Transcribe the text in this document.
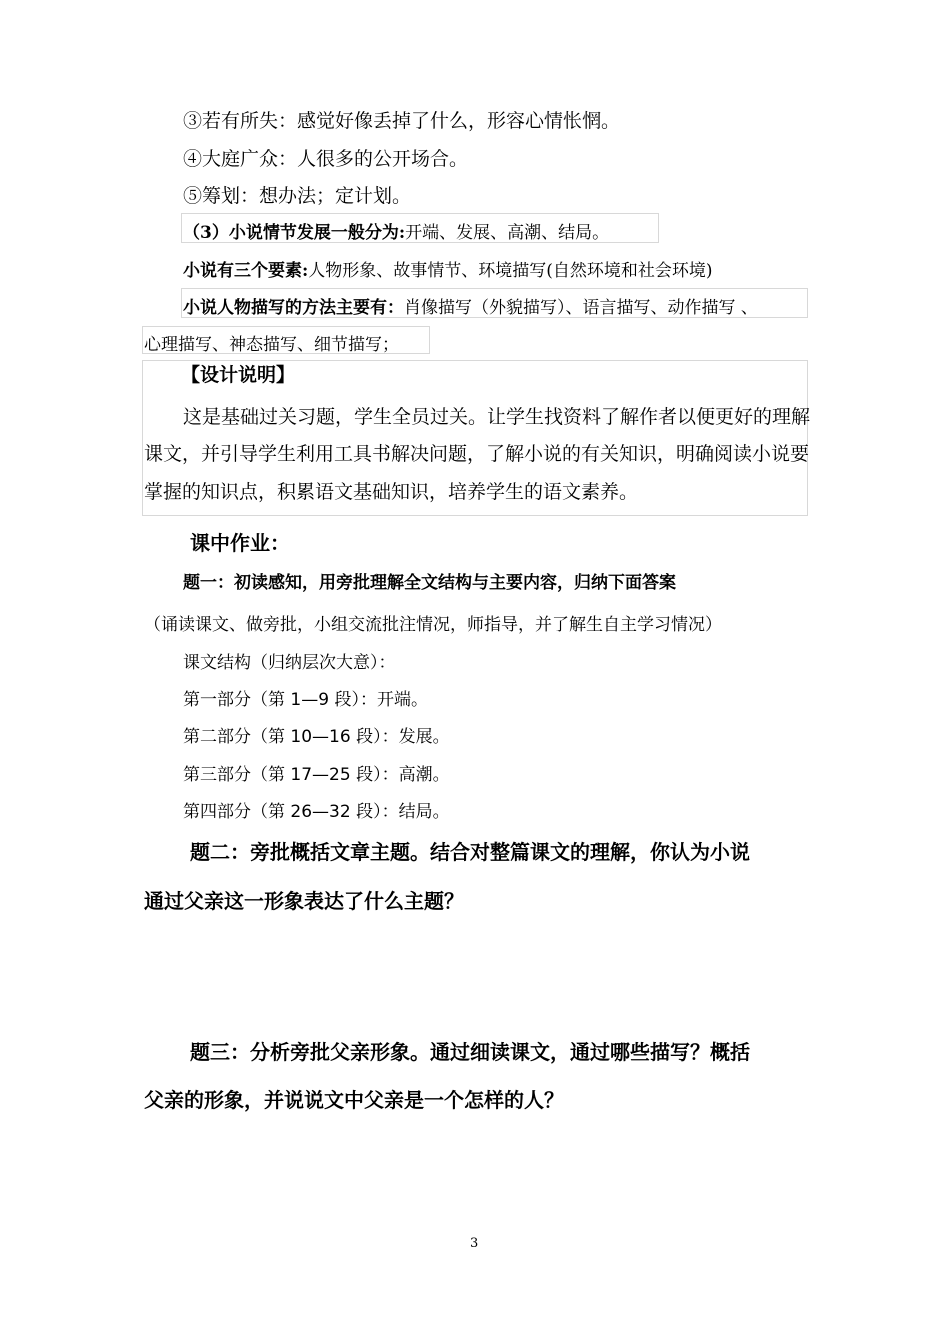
③若有所失：感觉好像丢掉了什么，形容心情怅惘。
④大庭广众：人很多的公开场合。
⑤筹划：想办法；定计划。
（3）小说情节发展一般分为:开端、发展、高潮、结局。
小说有三个要素:人物形象、故事情节、环境描写(自然环境和社会环境)
小说人物描写的方法主要有：肖像描写（外貌描写）、语言描写、动作描写 、
心理描写、神态描写、细节描写；
【设计说明】
这是基础过关习题，学生全员过关。让学生找资料了解作者以便更好的理解
课文，并引导学生利用工具书解决问题，了解小说的有关知识，明确阅读小说要
掌握的知识点，积累语文基础知识，培养学生的语文素养。
课中作业：
题一：初读感知，用旁批理解全文结构与主要内容，归纳下面答案
（诵读课文、做旁批，小组交流批注情况，师指导，并了解生自主学习情况）
课文结构（归纳层次大意）：
第一部分（第 1—9 段）：开端。
第二部分（第 10—16 段）：发展。
第三部分（第 17—25 段）：高潮。
第四部分（第 26—32 段）：结局。
题二：旁批概括文章主题。结合对整篇课文的理解，你认为小说
通过父亲这一形象表达了什么主题？
题三：分析旁批父亲形象。通过细读课文，通过哪些描写？概括
父亲的形象，并说说文中父亲是一个怎样的人？
3
